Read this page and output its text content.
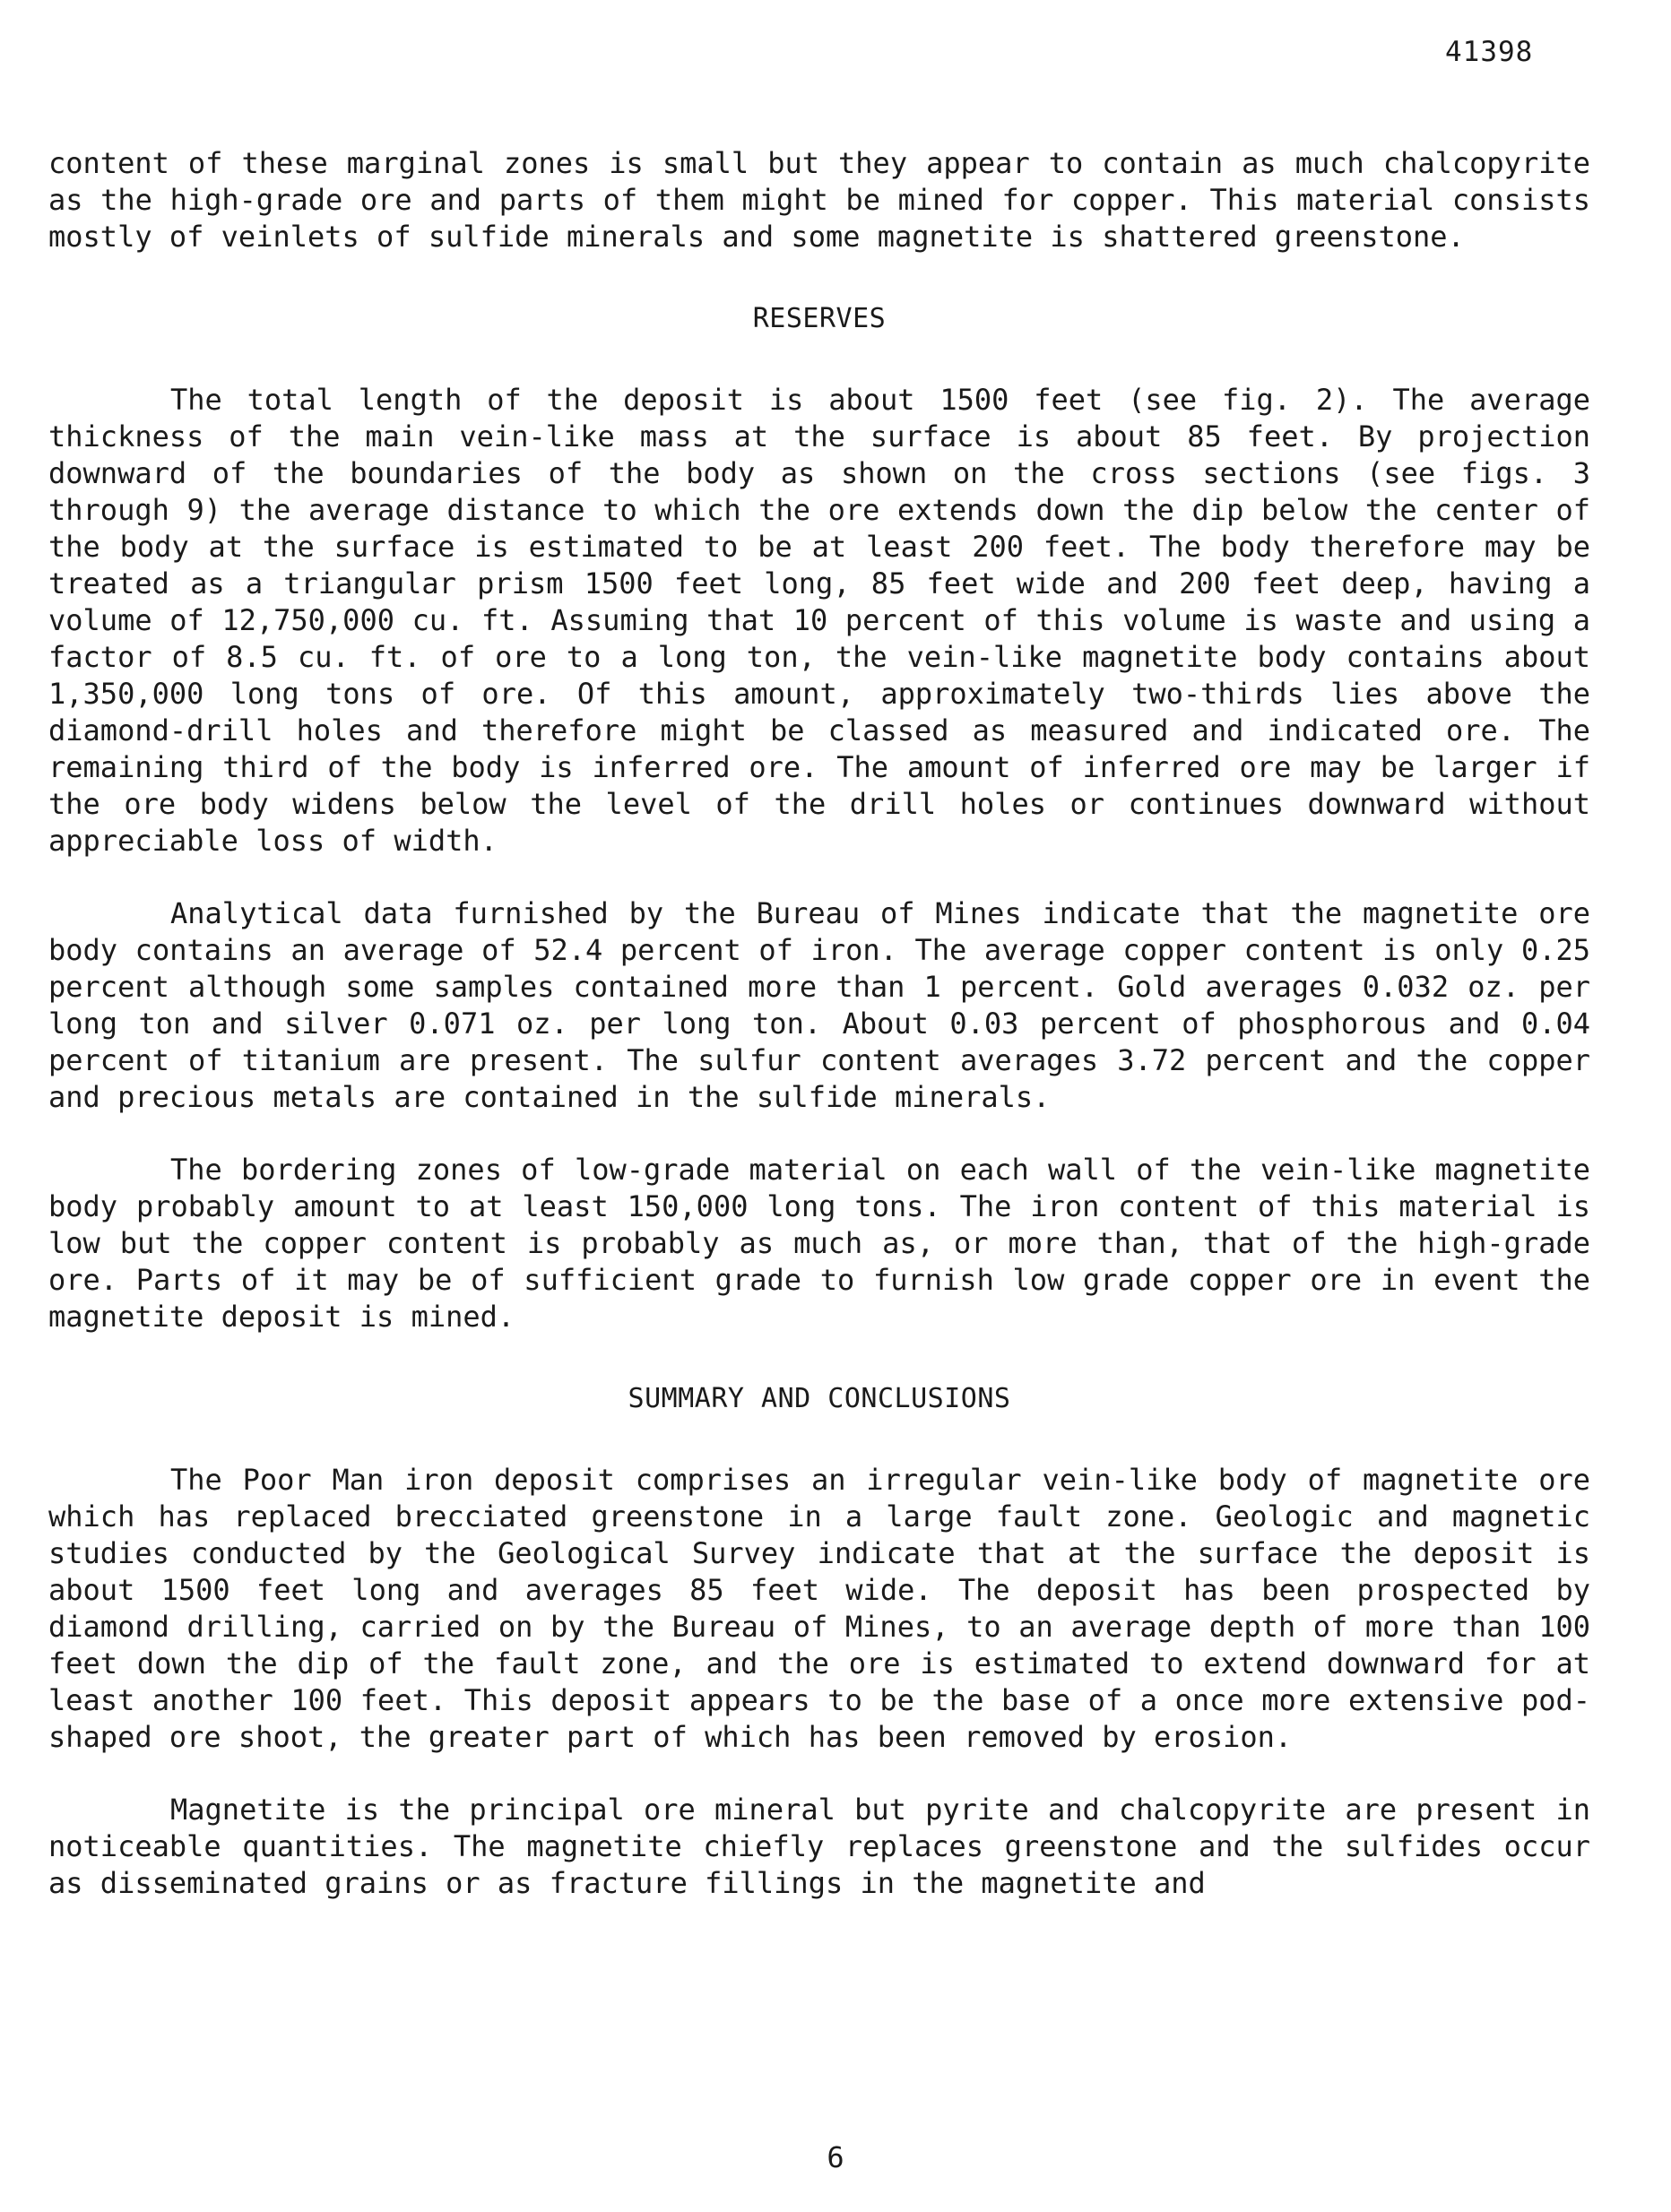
41398

content of these marginal zones is small but they appear to contain as much chalcopyrite as the high-grade ore and parts of them might be mined for copper. This material consists mostly of veinlets of sulfide minerals and some magnetite is shattered greenstone.

RESERVES

The total length of the deposit is about 1500 feet (see fig. 2). The average thickness of the main vein-like mass at the surface is about 85 feet. By projection downward of the boundaries of the body as shown on the cross sections (see figs. 3 through 9) the average distance to which the ore extends down the dip below the center of the body at the surface is estimated to be at least 200 feet. The body therefore may be treated as a triangular prism 1500 feet long, 85 feet wide and 200 feet deep, having a volume of 12,750,000 cu. ft. Assuming that 10 percent of this volume is waste and using a factor of 8.5 cu. ft. of ore to a long ton, the vein-like magnetite body contains about 1,350,000 long tons of ore. Of this amount, approximately two-thirds lies above the diamond-drill holes and therefore might be classed as measured and indicated ore. The remaining third of the body is inferred ore. The amount of inferred ore may be larger if the ore body widens below the level of the drill holes or continues downward without appreciable loss of width.

Analytical data furnished by the Bureau of Mines indicate that the magnetite ore body contains an average of 52.4 percent of iron. The average copper content is only 0.25 percent although some samples contained more than 1 percent. Gold averages 0.032 oz. per long ton and silver 0.071 oz. per long ton. About 0.03 percent of phosphorous and 0.04 percent of titanium are present. The sulfur content averages 3.72 percent and the copper and precious metals are contained in the sulfide minerals.

The bordering zones of low-grade material on each wall of the vein-like magnetite body probably amount to at least 150,000 long tons. The iron content of this material is low but the copper content is probably as much as, or more than, that of the high-grade ore. Parts of it may be of sufficient grade to furnish low grade copper ore in event the magnetite deposit is mined.

SUMMARY AND CONCLUSIONS

The Poor Man iron deposit comprises an irregular vein-like body of magnetite ore which has replaced brecciated greenstone in a large fault zone. Geologic and magnetic studies conducted by the Geological Survey indicate that at the surface the deposit is about 1500 feet long and averages 85 feet wide. The deposit has been prospected by diamond drilling, carried on by the Bureau of Mines, to an average depth of more than 100 feet down the dip of the fault zone, and the ore is estimated to extend downward for at least another 100 feet. This deposit appears to be the base of a once more extensive pod-shaped ore shoot, the greater part of which has been removed by erosion.

Magnetite is the principal ore mineral but pyrite and chalcopyrite are present in noticeable quantities. The magnetite chiefly replaces greenstone and the sulfides occur as disseminated grains or as fracture fillings in the magnetite and

6
